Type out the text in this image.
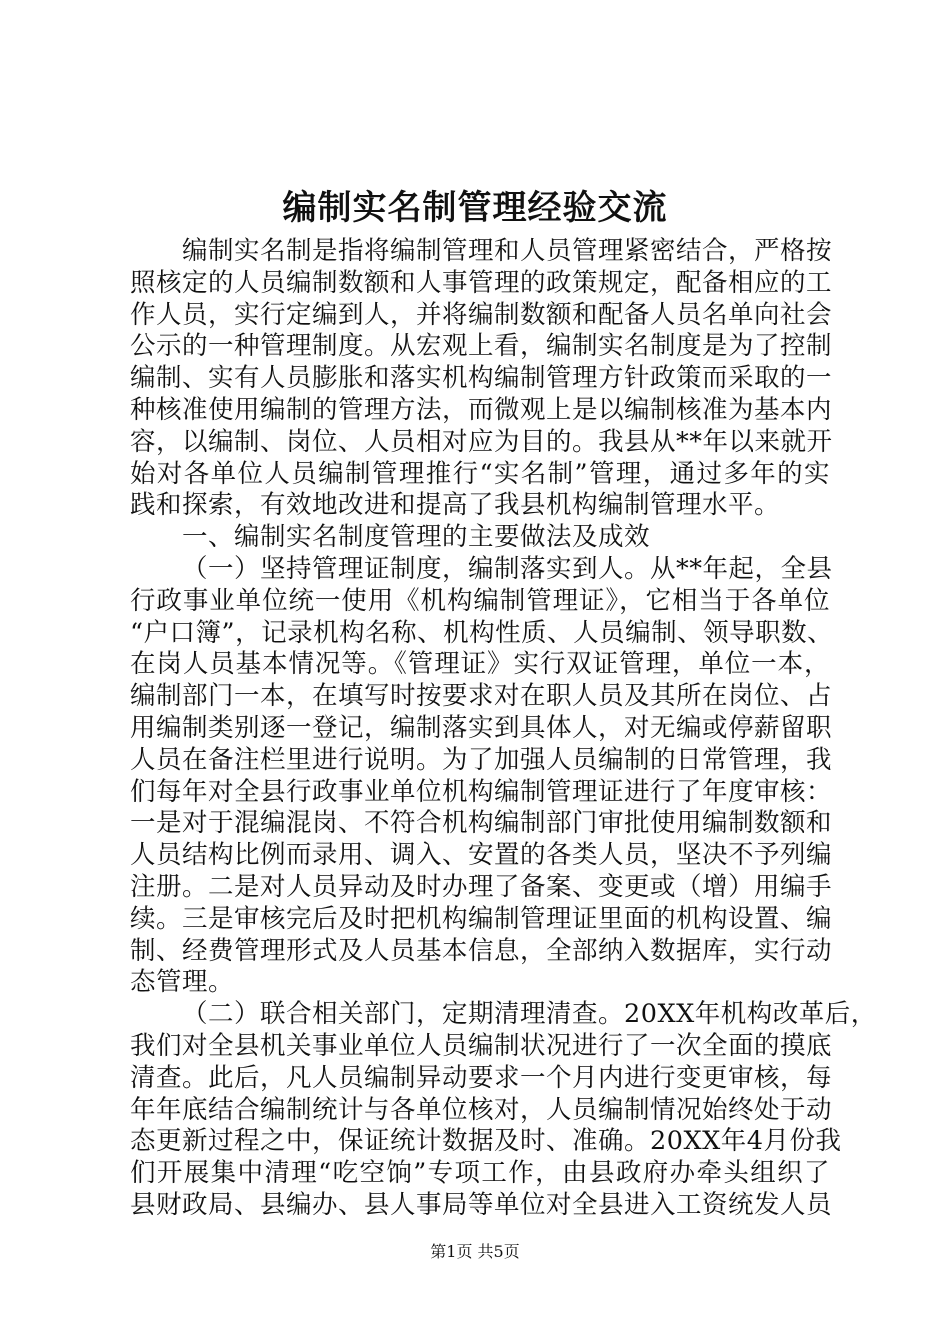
编制实名制管理经验交流
编制实名制是指将编制管理和人员管理紧密结合，严格按
照核定的人员编制数额和人事管理的政策规定，配备相应的工
作人员，实行定编到人，并将编制数额和配备人员名单向社会
公示的一种管理制度。从宏观上看，编制实名制度是为了控制
编制、实有人员膨胀和落实机构编制管理方针政策而采取的一
种核准使用编制的管理方法，而微观上是以编制核准为基本内
容，以编制、岗位、人员相对应为目的。我县从**年以来就开
始对各单位人员编制管理推行“实名制”管理，通过多年的实
践和探索，有效地改进和提高了我县机构编制管理水平。
一、编制实名制度管理的主要做法及成效
（一）坚持管理证制度，编制落实到人。从**年起，全县
行政事业单位统一使用《机构编制管理证》，它相当于各单位
“户口簿”，记录机构名称、机构性质、人员编制、领导职数、
在岗人员基本情况等。《管理证》实行双证管理，单位一本，
编制部门一本，在填写时按要求对在职人员及其所在岗位、占
用编制类别逐一登记，编制落实到具体人，对无编或停薪留职
人员在备注栏里进行说明。为了加强人员编制的日常管理，我
们每年对全县行政事业单位机构编制管理证进行了年度审核：
一是对于混编混岗、不符合机构编制部门审批使用编制数额和
人员结构比例而录用、调入、安置的各类人员，坚决不予列编
注册。二是对人员异动及时办理了备案、变更或（增）用编手
续。三是审核完后及时把机构编制管理证里面的机构设置、编
制、经费管理形式及人员基本信息，全部纳入数据库，实行动
态管理。
（二）联合相关部门，定期清理清查。20XX年机构改革后，
我们对全县机关事业单位人员编制状况进行了一次全面的摸底
清查。此后，凡人员编制异动要求一个月内进行变更审核，每
年年底结合编制统计与各单位核对，人员编制情况始终处于动
态更新过程之中，保证统计数据及时、准确。20XX年4月份我
们开展集中清理“吃空饷”专项工作，由县政府办牵头组织了
县财政局、县编办、县人事局等单位对全县进入工资统发人员
第1页 共5页
